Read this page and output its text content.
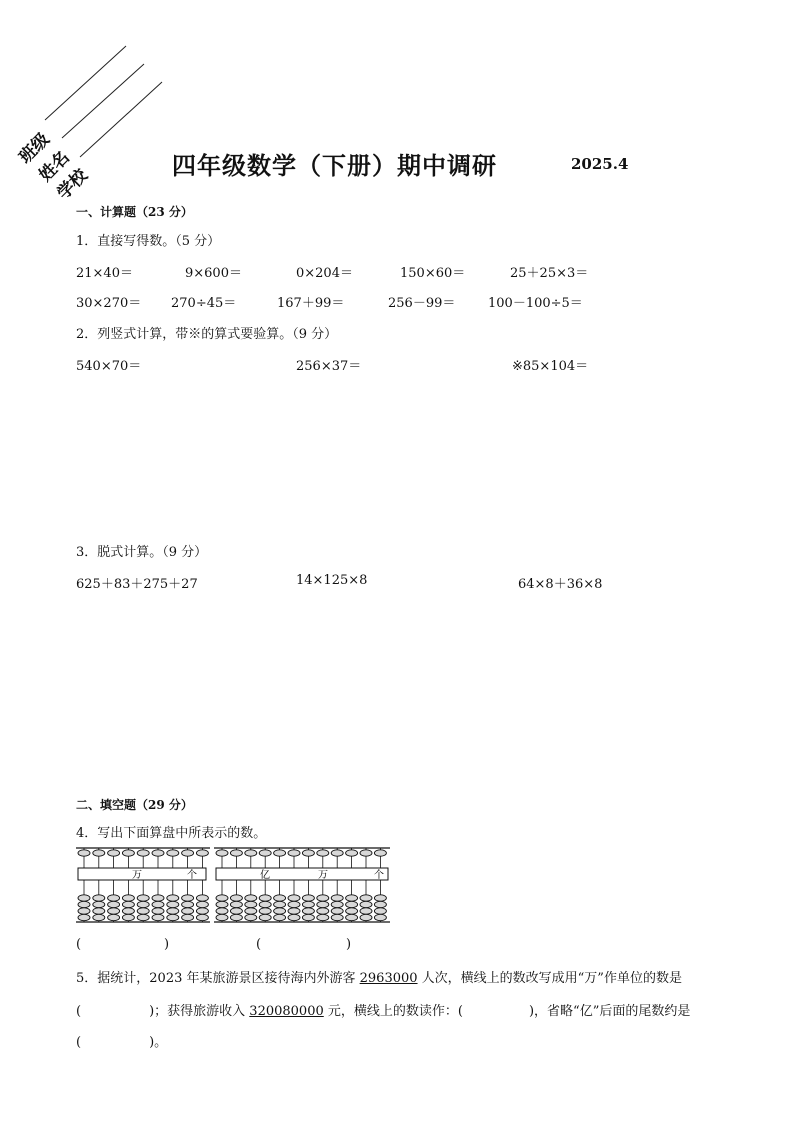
班级
姓名
学校	四年级数学（下册）期中调研	2025.4
一、计算题（23 分）
1．直接写得数。（5 分）
21×40＝	9×600＝	0×204＝	150×60＝	25＋25×3＝
30×270＝ 270÷45＝	167＋99＝	256－99＝	100－100÷5＝
2．列竖式计算，带※的算式要验算。（9 分）
540×70＝	256×37＝	※85×104＝
3．脱式计算。（9 分）
625＋83＋275＋27	14×125×8	64×8＋36×8
二、填空题（29 分）
4．写出下面算盘中所表示的数。
万	个	亿	万	个
(	)	(	)
5．据统计，2023 年某旅游景区接待海内外游客 2963000 人次，横线上的数改写成用“万”作单位的数是
(	)；获得旅游收入 320080000 元，横线上的数读作：(	)，省略“亿”后面的尾数约是
(	)。
